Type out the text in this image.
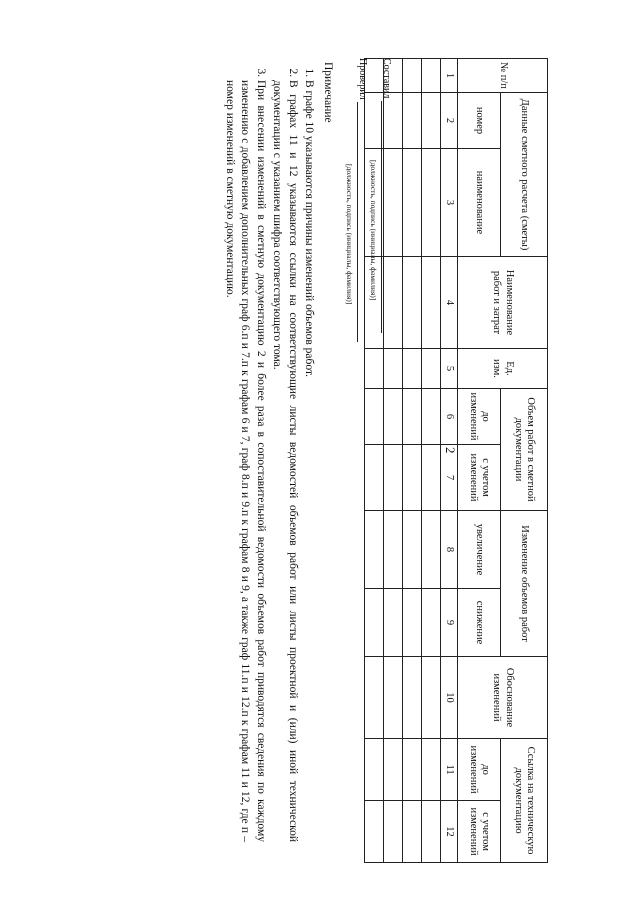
2
№ п/п	Данные сметного расчета (сметы)		Наименование работ и затрат	Ед. изм.	Объем работ в сметной документации		Изменение объемов работ		Обоснование изменений	Ссылка на техническую документацию	
	номер	наименование			до изменений	с учетом изменений	увеличение	снижение		до изменений	с учетом изменений
1	2	3	4	5	6	7	8	9	10	11	12

Составил
[должность, подпись (инициалы, фамилия)]
Проверил
[должность, подпись (инициалы, фамилия)]
Примечание
1. В графе 10 указываются причины изменений объемов работ.
2. В графах 11 и 12 указываются ссылки на соответствующие листы ведомостей объемов работ или листы проектной и (или) иной технической документации с указанием шифра соответствующего тома.
3. При внесении изменений в сметную документацию 2 и более раза в сопоставительной ведомости объемов работ приводятся сведения по каждому изменению с добавлением дополнительных граф 6.п и 7.п к графам 6 и 7, граф 8.п и 9.п к графам 8 и 9, а также граф 11.п и 12.п к графам 11 и 12, где п – номер изменений в сметную документацию.
